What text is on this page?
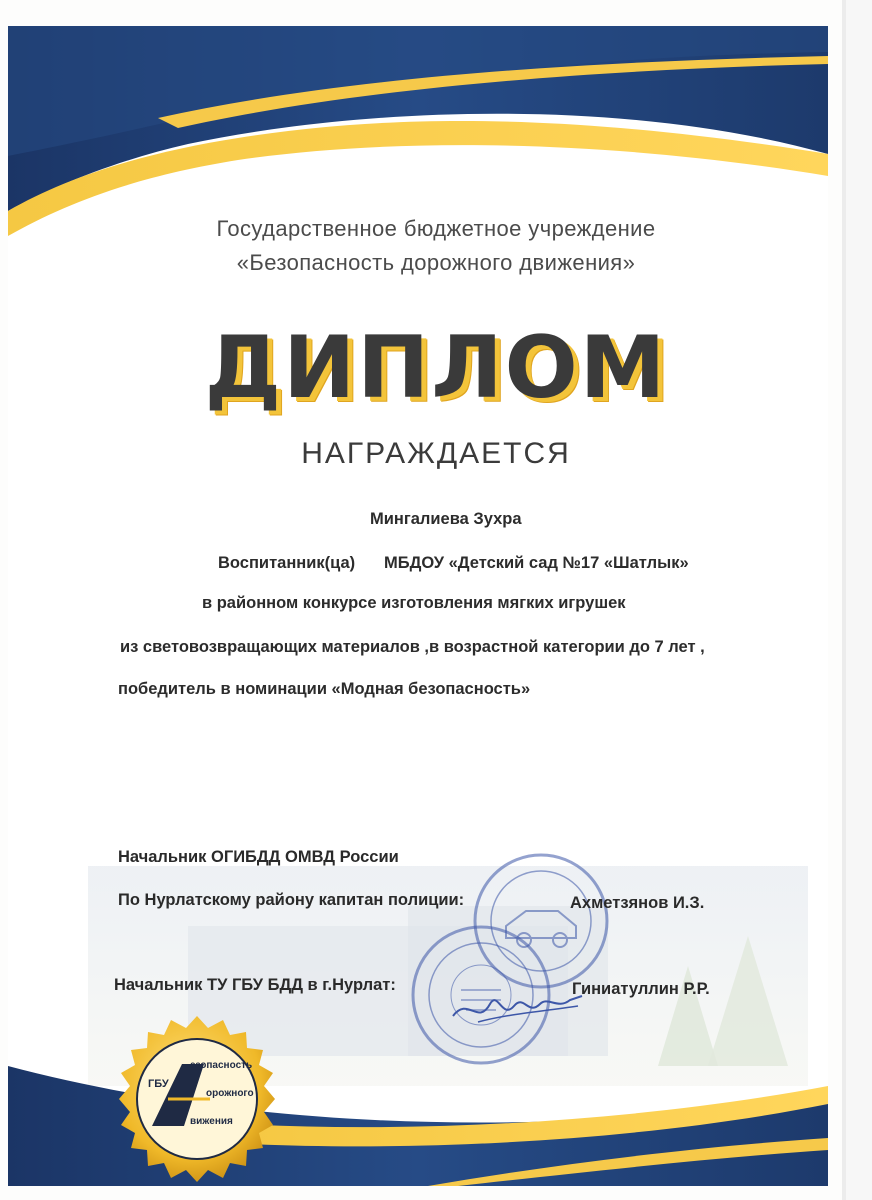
ГБУ
езопасность
орожного
вижения
Государственное бюджетное учреждение
«Безопасность дорожного движения»
ДИПЛОМ
НАГРАЖДАЕТСЯ
Мингалиева Зухра
Воспитанник(ца) МБДОУ «Детский сад №17 «Шатлык»
в районном конкурсе изготовления мягких игрушек
из световозвращающих материалов ,в возрастной категории до 7 лет ,
победитель в номинации «Модная безопасность»
Начальник ОГИБДД ОМВД России
По Нурлатскому району капитан полиции:	Ахметзянов И.З.
Начальник ТУ ГБУ БДД в г.Нурлат:	Гиниатуллин Р.Р.
